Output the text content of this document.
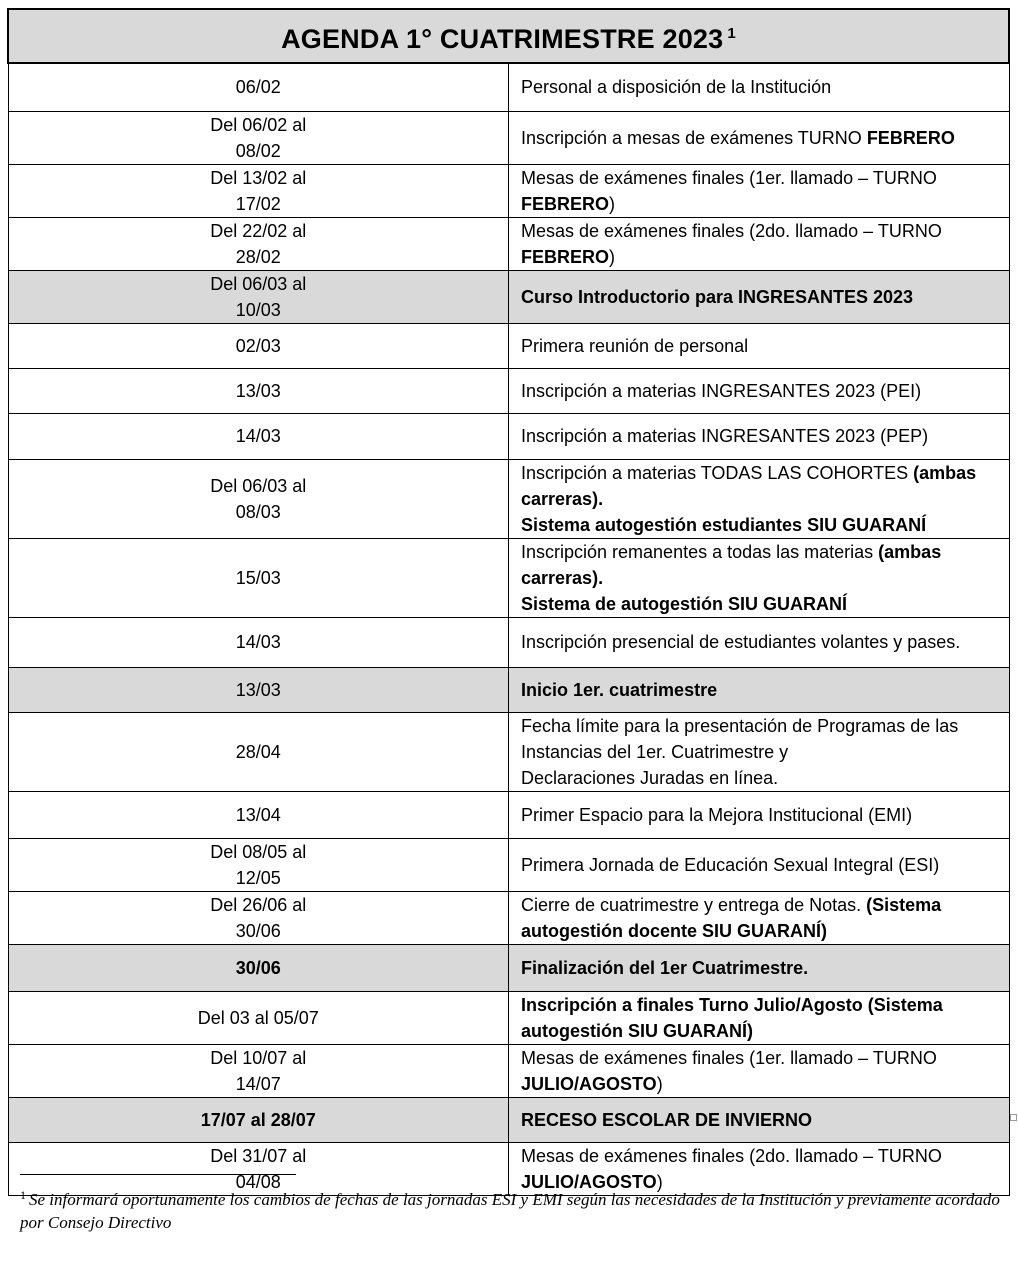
AGENDA 1° CUATRIMESTRE 2023 $^1$
06/02	Personal a disposición de la Institución

Del 06/02 al
08/02	Inscripción a mesas de exámenes TURNO FEBRERO

Del 13/02 al
17/02	Mesas de exámenes finales (1er. llamado – TURNO FEBRERO)

Del 22/02 al
28/02	Mesas de exámenes finales (2do. llamado – TURNO FEBRERO)

Del 06/03 al
10/03	Curso Introductorio para INGRESANTES 2023
02/03	Primera reunión de personal
13/03	Inscripción a materias INGRESANTES 2023 (PEI)
14/03	Inscripción a materias INGRESANTES 2023 (PEP)

Del 06/03 al
08/03	Inscripción a materias TODAS LAS COHORTES (ambas carreras).
Sistema autogestión estudiantes SIU GUARANÍ

15/03	Inscripción remanentes a todas las materias (ambas carreras).
Sistema de autogestión SIU GUARANÍ

14/03	Inscripción presencial de estudiantes volantes y pases.
13/03	Inicio 1er. cuatrimestre
28/04	Fecha límite para la presentación de Programas de las Instancias del 1er. Cuatrimestre y
Declaraciones Juradas en línea.

13/04	Primer Espacio para la Mejora Institucional (EMI)

Del 08/05 al
12/05	Primera Jornada de Educación Sexual Integral (ESI)

Del 26/06 al
30/06	Cierre de cuatrimestre y entrega de Notas. (Sistema autogestión docente SIU GUARANÍ)
30/06	Finalización del 1er Cuatrimestre.
Del 03 al 05/07	Inscripción a finales Turno Julio/Agosto (Sistema autogestión SIU GUARANÍ)

Del 10/07 al
14/07	Mesas de exámenes finales (1er. llamado – TURNO JULIO/AGOSTO)
17/07 al 28/07	RECESO ESCOLAR DE INVIERNO

Del 31/07 al
04/08	Mesas de exámenes finales (2do. llamado – TURNO JULIO/AGOSTO)
$^1$ Se informará oportunamente los cambios de fechas de las jornadas ESI y EMI según las necesidades de la Institución y previamente acordado por Consejo Directivo
